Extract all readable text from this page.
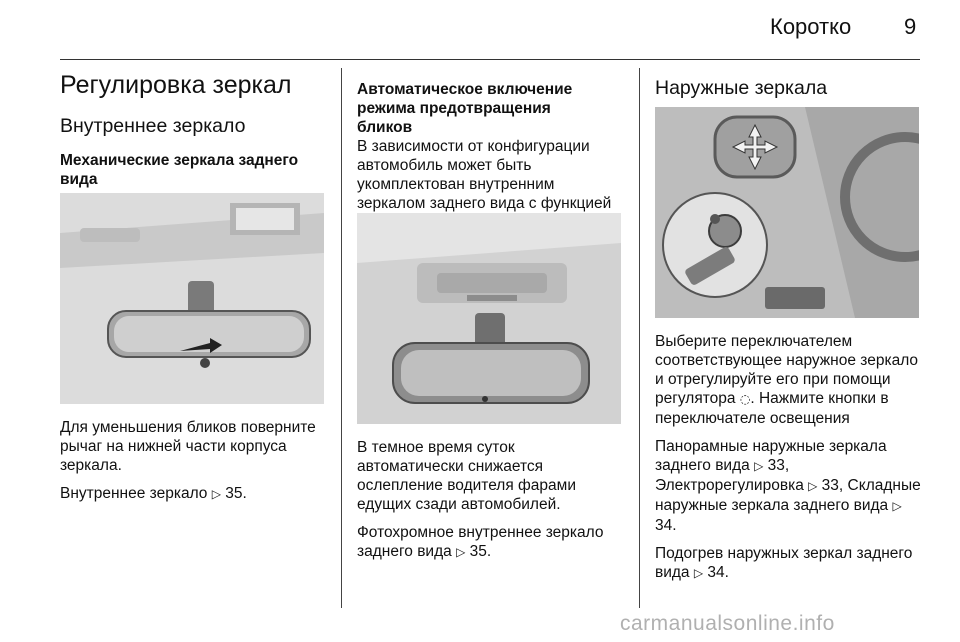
Коротко 9
Регулировка зеркал
Внутреннее зеркало
Механические зеркала заднего вида

Для уменьшения бликов поверните рычаг на нижней части корпуса зеркала.

Внутреннее зеркало ▷ 35.

Автоматическое включение режима предотвращения бликов

В зависимости от конфигурации автомобиль может быть укомплектован внутренним зеркалом заднего вида с функцией

В темное время суток автоматически снижается ослепление водителя фарами едущих сзади автомобилей.

Фотохромное внутреннее зеркало заднего вида ▷ 35.

Наружные зеркала

Выберите переключателем соответствующее наружное зеркало и отрегулируйте его при помощи регулятора ◌. Нажмите кнопки в переключателе освещения

Панорамные наружные зеркала заднего вида ▷ 33, Электрорегулировка ▷ 33, Складные наружные зеркала заднего вида ▷ 34.

Подогрев наружных зеркал заднего вида ▷ 34.

carmanualsonline.info
